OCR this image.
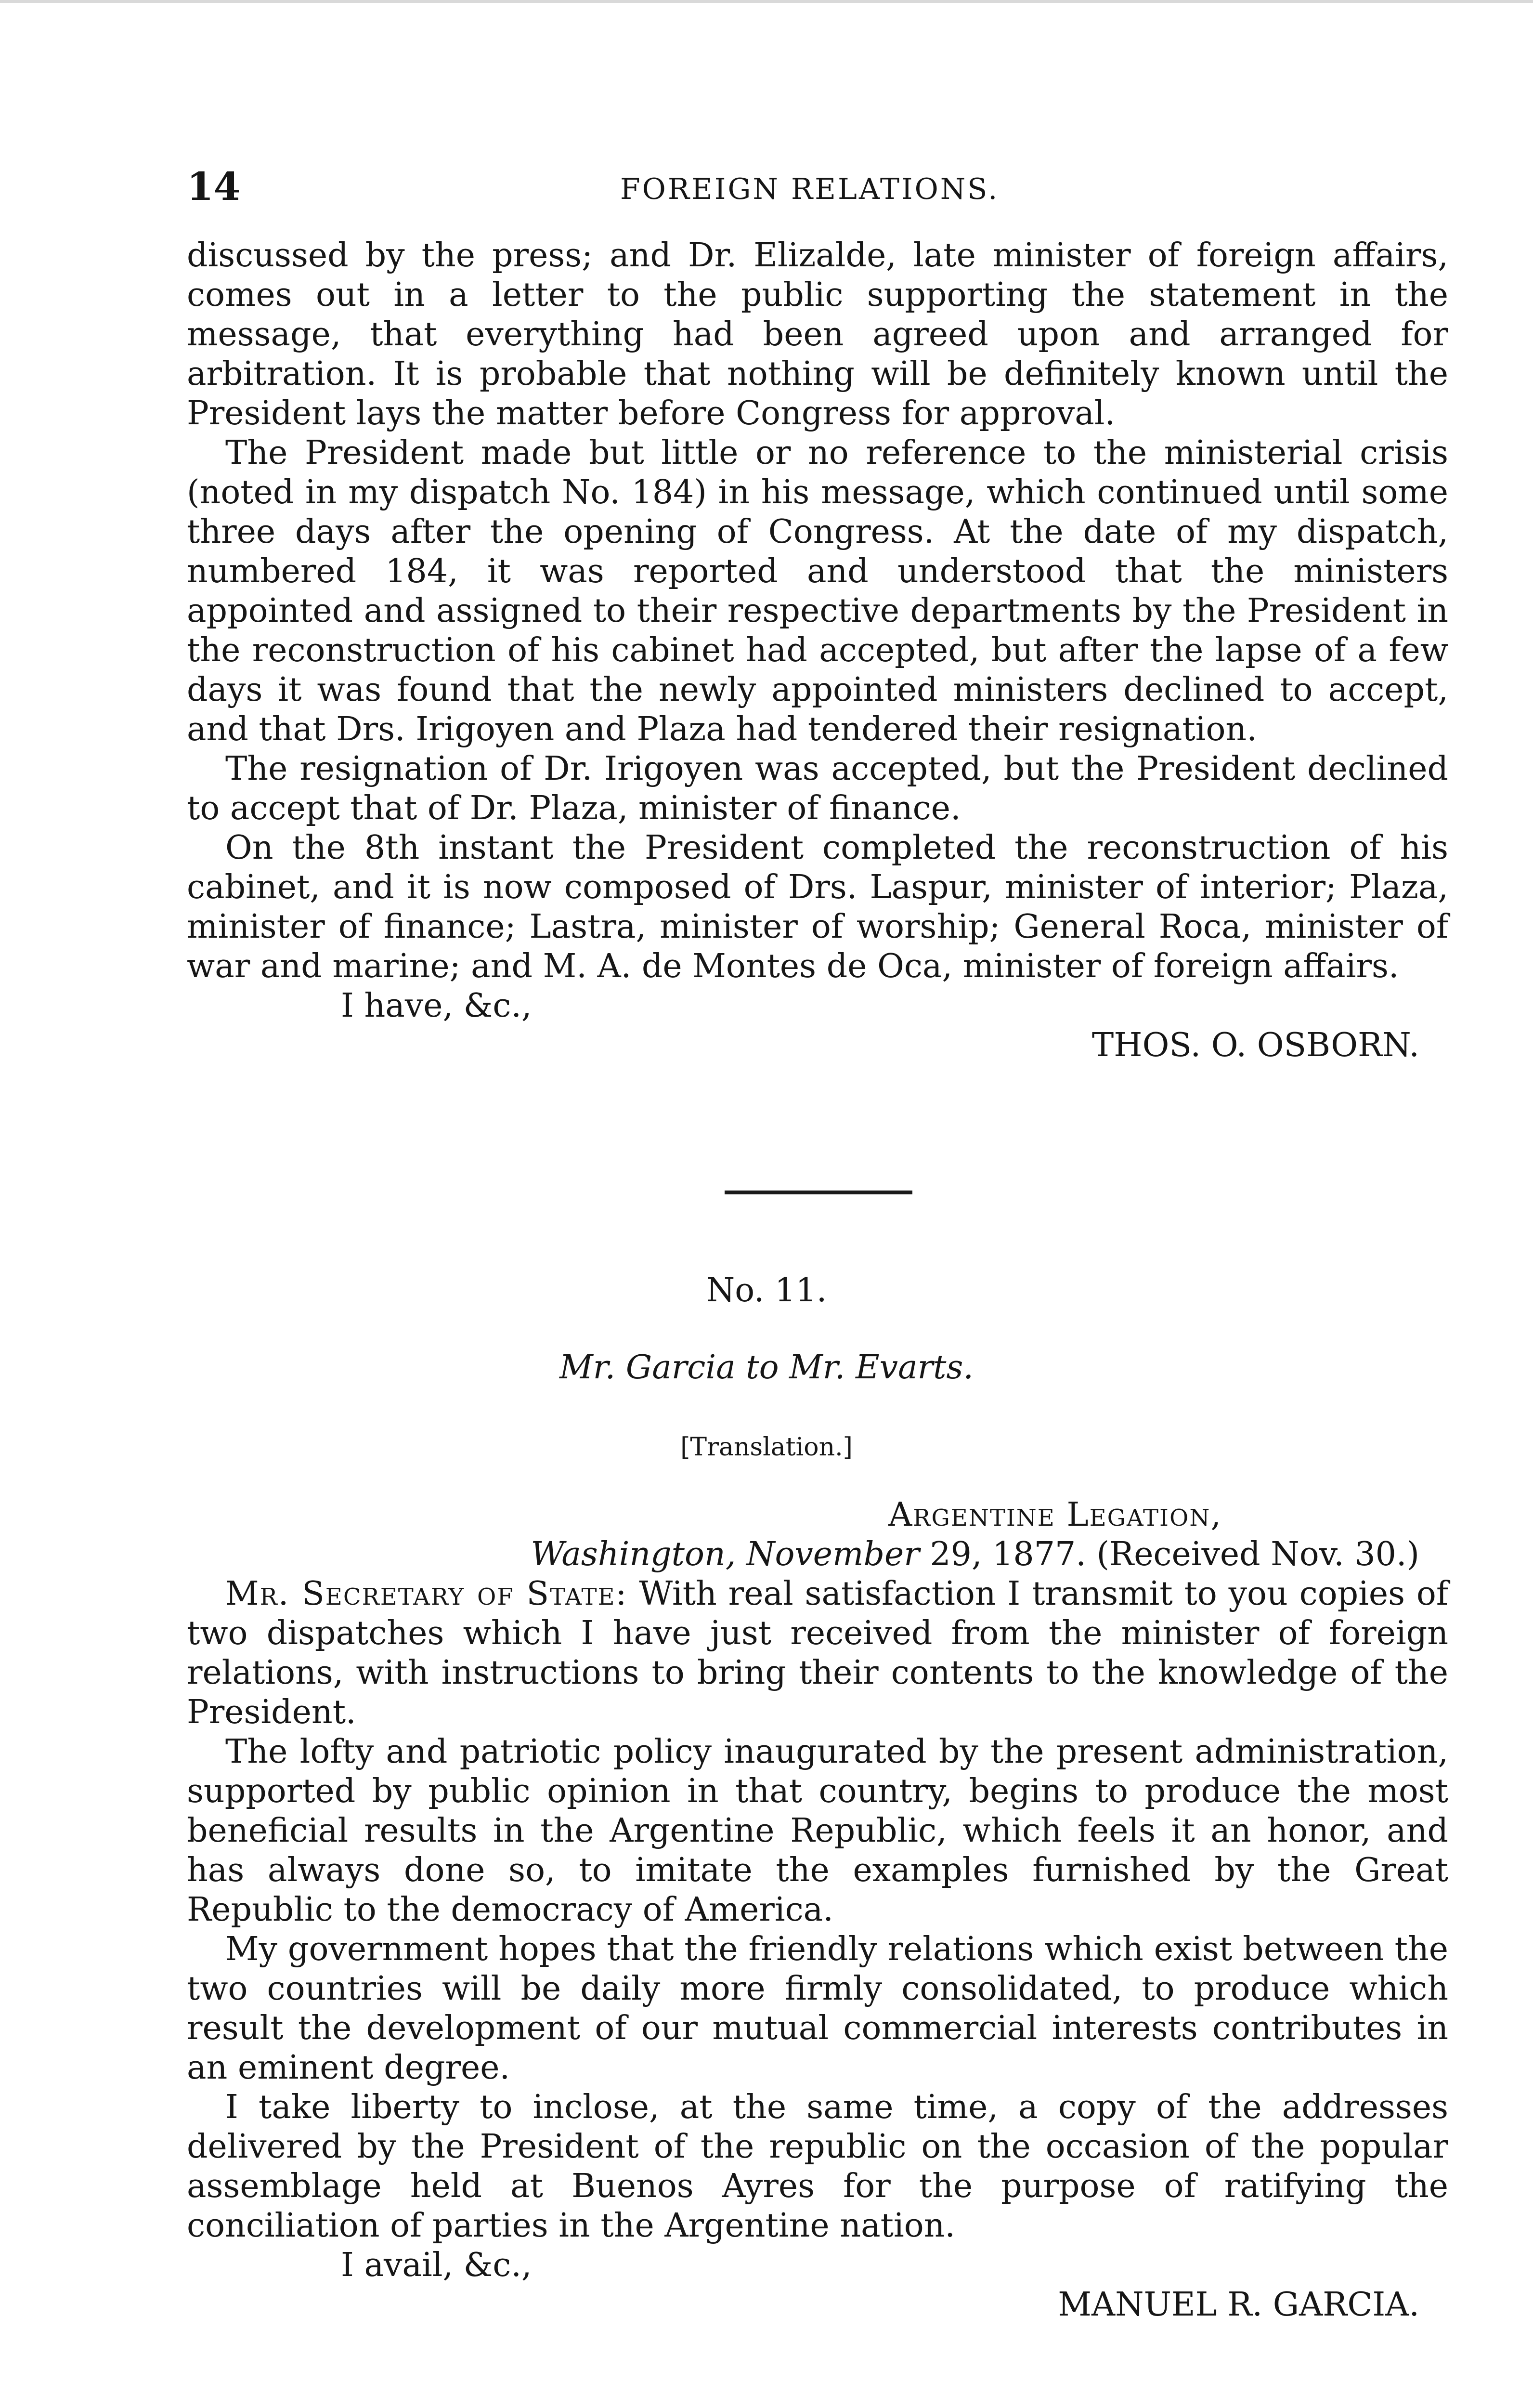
14	FOREIGN RELATIONS.

discussed by the press; and Dr. Elizalde, late minister of foreign affairs, comes out in a letter to the public supporting the statement in the message, that everything had been agreed upon and arranged for arbitration. It is probable that nothing will be definitely known until the President lays the matter before Congress for approval.

The President made but little or no reference to the ministerial crisis (noted in my dispatch No. 184) in his message, which continued until some three days after the opening of Congress. At the date of my dispatch, numbered 184, it was reported and understood that the ministers appointed and assigned to their respective departments by the President in the reconstruction of his cabinet had accepted, but after the lapse of a few days it was found that the newly appointed ministers declined to accept, and that Drs. Irigoyen and Plaza had tendered their resignation.

The resignation of Dr. Irigoyen was accepted, but the President declined to accept that of Dr. Plaza, minister of finance.

On the 8th instant the President completed the reconstruction of his cabinet, and it is now composed of Drs. Laspur, minister of interior; Plaza, minister of finance; Lastra, minister of worship; General Roca, minister of war and marine; and M. A. de Montes de Oca, minister of foreign affairs.

I have, &c.,

THOS. O. OSBORN.

No. 11.
Mr. Garcia to Mr. Evarts.
[Translation.]

Argentine Legation,

Washington, November 29, 1877. (Received Nov. 30.)

Mr. Secretary of State: With real satisfaction I transmit to you copies of two dispatches which I have just received from the minister of foreign relations, with instructions to bring their contents to the knowledge of the President.

The lofty and patriotic policy inaugurated by the present administration, supported by public opinion in that country, begins to produce the most beneficial results in the Argentine Republic, which feels it an honor, and has always done so, to imitate the examples furnished by the Great Republic to the democracy of America.

My government hopes that the friendly relations which exist between the two countries will be daily more firmly consolidated, to produce which result the development of our mutual commercial interests contributes in an eminent degree.

I take liberty to inclose, at the same time, a copy of the addresses delivered by the President of the republic on the occasion of the popular assemblage held at Buenos Ayres for the purpose of ratifying the conciliation of parties in the Argentine nation.

I avail, &c.,

MANUEL R. GARCIA.
